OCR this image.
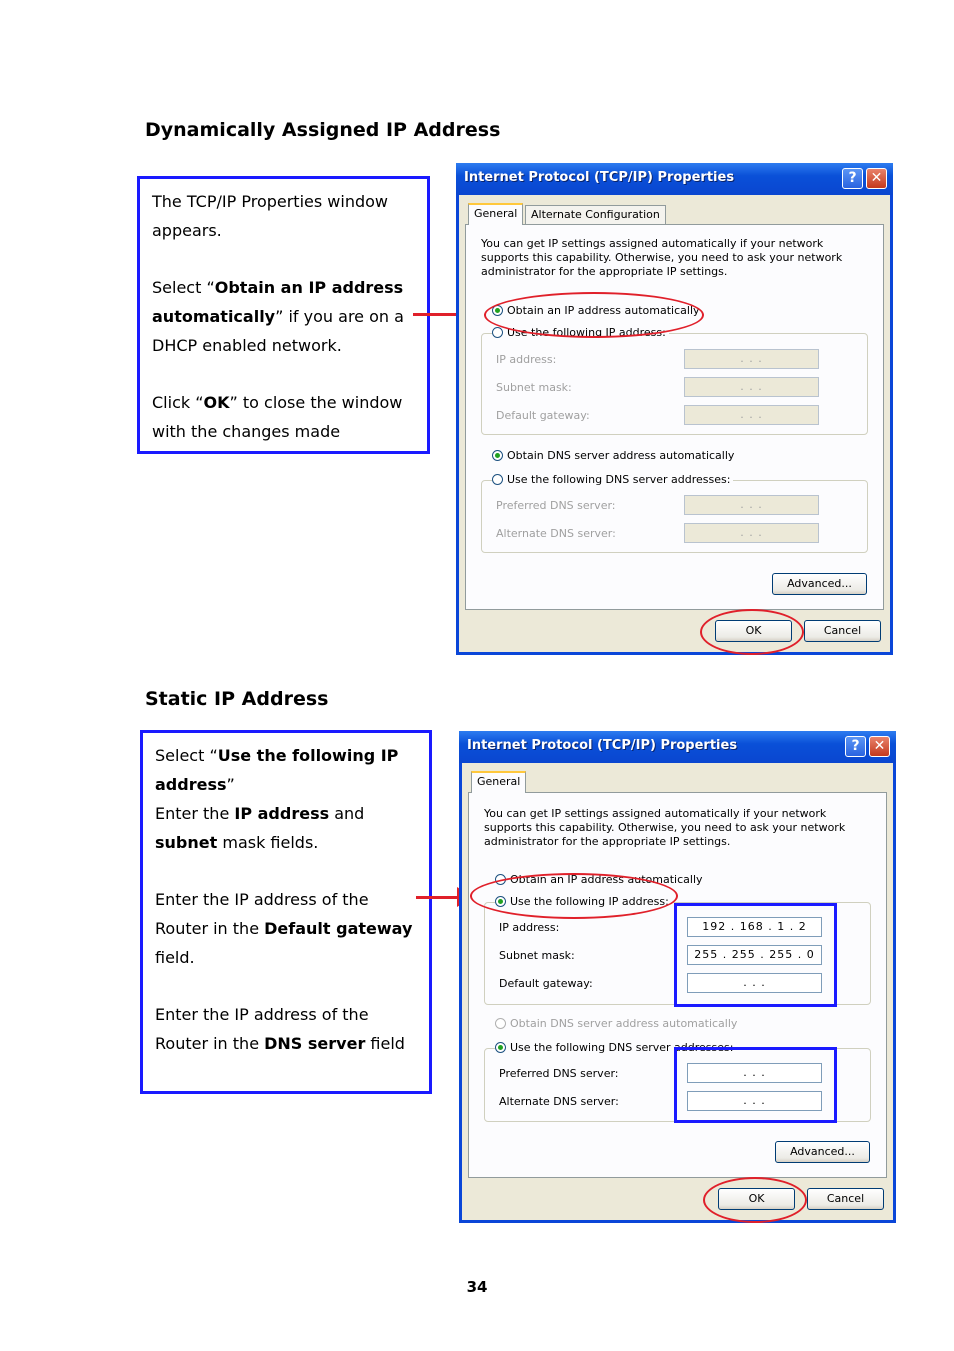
Dynamically Assigned IP Address

The TCP/IP Properties window appears.

Select “Obtain an IP address automatically” if you are on a DHCP enabled network.

Click “OK” to close the window with the changes made

Internet Protocol (TCP/IP) Properties	?	✕
General	Alternate Configuration
You can get IP settings assigned automatically if your network supports this capability. Otherwise, you need to ask your network administrator for the appropriate IP settings.
Obtain an IP address automatically
Use the following IP address:
IP address:	. . .
Subnet mask:	. . .
Default gateway:	. . .
Obtain DNS server address automatically
Use the following DNS server addresses:
Preferred DNS server:	. . .
Alternate DNS server:	. . .
Advanced...
OK	Cancel
Static IP Address

Select “Use the following IP address”

Enter the IP address and subnet mask fields.

Enter the IP address of the Router in the Default gateway field.

Enter the IP address of the Router in the DNS server field

Internet Protocol (TCP/IP) Properties	?	✕
General
You can get IP settings assigned automatically if your network supports this capability. Otherwise, you need to ask your network administrator for the appropriate IP settings.
Obtain an IP address automatically
Use the following IP address:
IP address:	192 . 168 . 1 . 2
Subnet mask:	255 . 255 . 255 . 0
Default gateway:	. . .
Obtain DNS server address automatically
Use the following DNS server addresses:
Preferred DNS server:	. . .
Alternate DNS server:	. . .
Advanced...
OK	Cancel
34
